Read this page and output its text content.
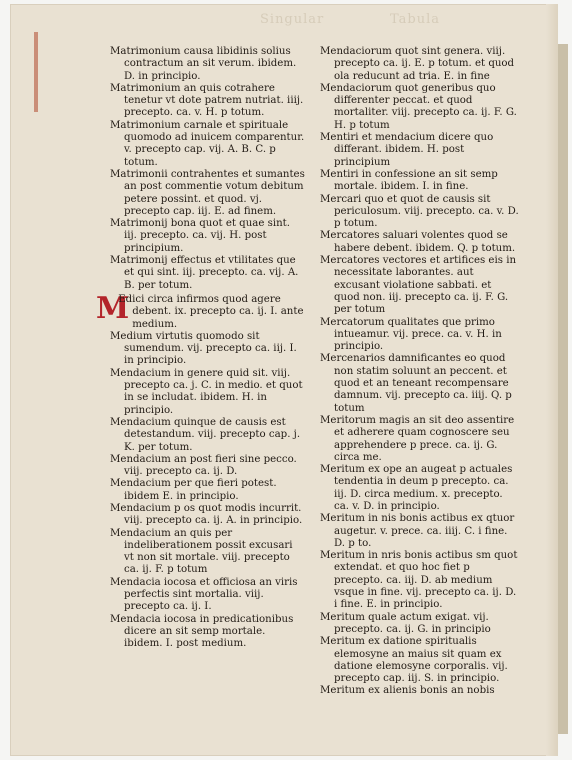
Singular	Tabula

Matrimonium causa libidinis solius contractum an sit verum. ibidem. D. in principio.

Matrimonium an quis cotrahere tenetur vt dote patrem nutriat. iiij. precepto. ca. v. H. p totum.

Matrimonium carnale et spirituale quomodo ad inuicem comparentur. v. precepto cap. vij. A. B. C. p totum.

Matrimonii contrahentes et sumantes an post commentie votum debitum petere possint. et quod. vj. precepto cap. iij. E. ad finem.

Matrimonij bona quot et quae sint. iij. precepto. ca. vij. H. post principium.

Matrimonij effectus et vtilitates que et qui sint. iij. precepto. ca. vij. A. B. per totum.

M
Edici circa infirmos quod agere debent. ix. precepto ca. ij. I. ante medium.

Medium virtutis quomodo sit sumendum. vij. precepto ca. iij. I. in principio.

Mendacium in genere quid sit. viij. precepto ca. j. C. in medio. et quot in se includat. ibidem. H. in principio.

Mendacium quinque de causis est detestandum. viij. precepto cap. j. K. per totum.

Mendacium an post fieri sine pecco. viij. precepto ca. ij. D.

Mendacium per que fieri potest. ibidem E. in principio.

Mendacium p os quot modis incurrit. viij. precepto ca. ij. A. in principio.

Mendacium an quis per indeliberationem possit excusari vt non sit mortale. viij. precepto ca. ij. F. p totum

Mendacia iocosa et officiosa an viris perfectis sint mortalia. viij. precepto ca. ij. I.

Mendacia iocosa in predicationibus dicere an sit semp mortale. ibidem. I. post medium.

Mendaciorum quot sint genera. viij. precepto ca. ij. E. p totum. et quod ola reducunt ad tria. E. in fine

Mendaciorum quot generibus quo differenter peccat. et quod mortaliter. viij. precepto ca. ij. F. G. H. p totum

Mentiri et mendacium dicere quo differant. ibidem. H. post principium

Mentiri in confessione an sit semp mortale. ibidem. I. in fine.

Mercari quo et quot de causis sit periculosum. viij. precepto. ca. v. D. p totum.

Mercatores saluari volentes quod se habere debent. ibidem. Q. p totum.

Mercatores vectores et artifices eis in necessitate laborantes. aut excusant violatione sabbati. et quod non. iij. precepto ca. ij. F. G. per totum

Mercatorum qualitates que primo intueamur. vij. prece. ca. v. H. in principio.

Mercenarios damnificantes eo quod non statim soluunt an peccent. et quod et an teneant recompensare damnum. vij. precepto ca. iiij. Q. p totum

Meritorum magis an sit deo assentire et adherere quam cognoscere seu apprehendere p prece. ca. ij. G. circa me.

Meritum ex ope an augeat p actuales tendentia in deum p precepto. ca. iij. D. circa medium. x. precepto. ca. v. D. in principio.

Meritum in nis bonis actibus ex qtuor augetur. v. prece. ca. iiij. C. i fine. D. p to.

Meritum in nris bonis actibus sm quot extendat. et quo hoc fiet p precepto. ca. iij. D. ab medium vsque in fine. vij. precepto ca. ij. D. i fine. E. in principio.

Meritum quale actum exigat. vij. precepto. ca. ij. G. in principio

Meritum ex datione spiritualis elemosyne an maius sit quam ex datione elemosyne corporalis. vij. precepto cap. iij. S. in principio.

Meritum ex alienis bonis an nobis
